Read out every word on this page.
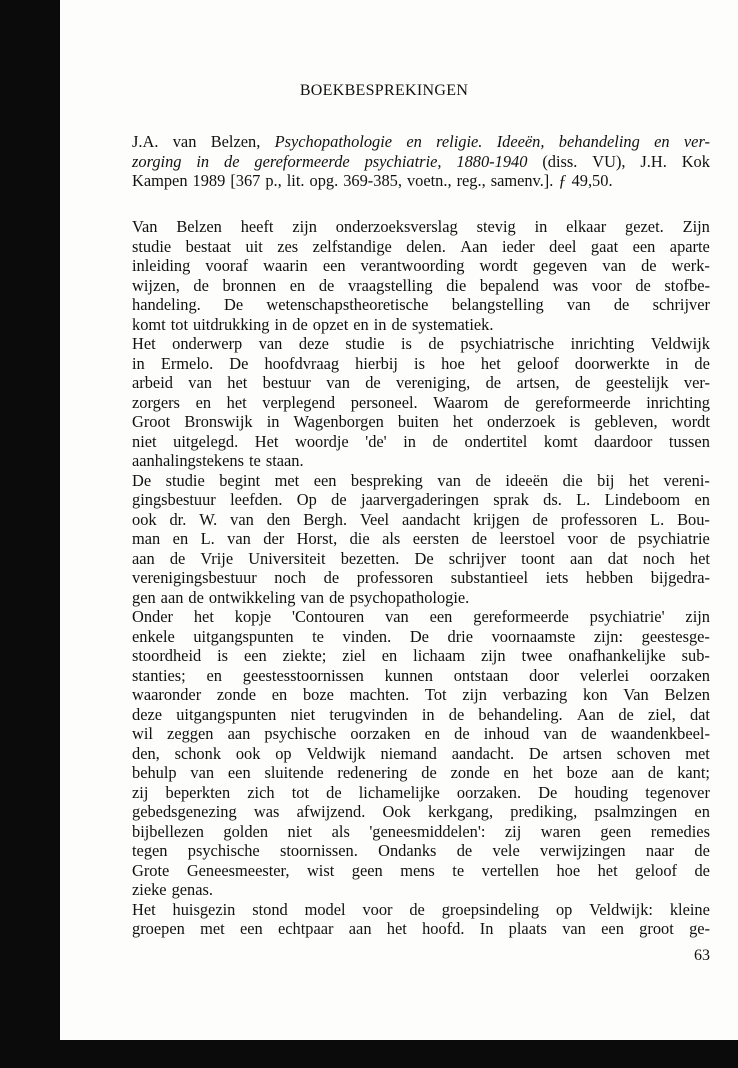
BOEKBESPREKINGEN
J.A. van Belzen, Psychopathologie en religie. Ideeën, behandeling en ver-
zorging in de gereformeerde psychiatrie, 1880-1940 (diss. VU), J.H. Kok
Kampen 1989 [367 p., lit. opg. 369-385, voetn., reg., samenv.]. ƒ 49,50.
Van Belzen heeft zijn onderzoeksverslag stevig in elkaar gezet. Zijn
studie bestaat uit zes zelfstandige delen. Aan ieder deel gaat een aparte
inleiding vooraf waarin een verantwoording wordt gegeven van de werk-
wijzen, de bronnen en de vraagstelling die bepalend was voor de stofbe-
handeling. De wetenschapstheoretische belangstelling van de schrijver
komt tot uitdrukking in de opzet en in de systematiek.
Het onderwerp van deze studie is de psychiatrische inrichting Veldwijk
in Ermelo. De hoofdvraag hierbij is hoe het geloof doorwerkte in de
arbeid van het bestuur van de vereniging, de artsen, de geestelijk ver-
zorgers en het verplegend personeel. Waarom de gereformeerde inrichting
Groot Bronswijk in Wagenborgen buiten het onderzoek is gebleven, wordt
niet uitgelegd. Het woordje 'de' in de ondertitel komt daardoor tussen
aanhalingstekens te staan.
De studie begint met een bespreking van de ideeën die bij het vereni-
gingsbestuur leefden. Op de jaarvergaderingen sprak ds. L. Lindeboom en
ook dr. W. van den Bergh. Veel aandacht krijgen de professoren L. Bou-
man en L. van der Horst, die als eersten de leerstoel voor de psychiatrie
aan de Vrije Universiteit bezetten. De schrijver toont aan dat noch het
verenigingsbestuur noch de professoren substantieel iets hebben bijgedra-
gen aan de ontwikkeling van de psychopathologie.
Onder het kopje 'Contouren van een gereformeerde psychiatrie' zijn
enkele uitgangspunten te vinden. De drie voornaamste zijn: geestesge-
stoordheid is een ziekte; ziel en lichaam zijn twee onafhankelijke sub-
stanties; en geestesstoornissen kunnen ontstaan door velerlei oorzaken
waaronder zonde en boze machten. Tot zijn verbazing kon Van Belzen
deze uitgangspunten niet terugvinden in de behandeling. Aan de ziel, dat
wil zeggen aan psychische oorzaken en de inhoud van de waandenkbeel-
den, schonk ook op Veldwijk niemand aandacht. De artsen schoven met
behulp van een sluitende redenering de zonde en het boze aan de kant;
zij beperkten zich tot de lichamelijke oorzaken. De houding tegenover
gebedsgenezing was afwijzend. Ook kerkgang, prediking, psalmzingen en
bijbellezen golden niet als 'geneesmiddelen': zij waren geen remedies
tegen psychische stoornissen. Ondanks de vele verwijzingen naar de
Grote Geneesmeester, wist geen mens te vertellen hoe het geloof de
zieke genas.
Het huisgezin stond model voor de groepsindeling op Veldwijk: kleine
groepen met een echtpaar aan het hoofd. In plaats van een groot ge-
63
